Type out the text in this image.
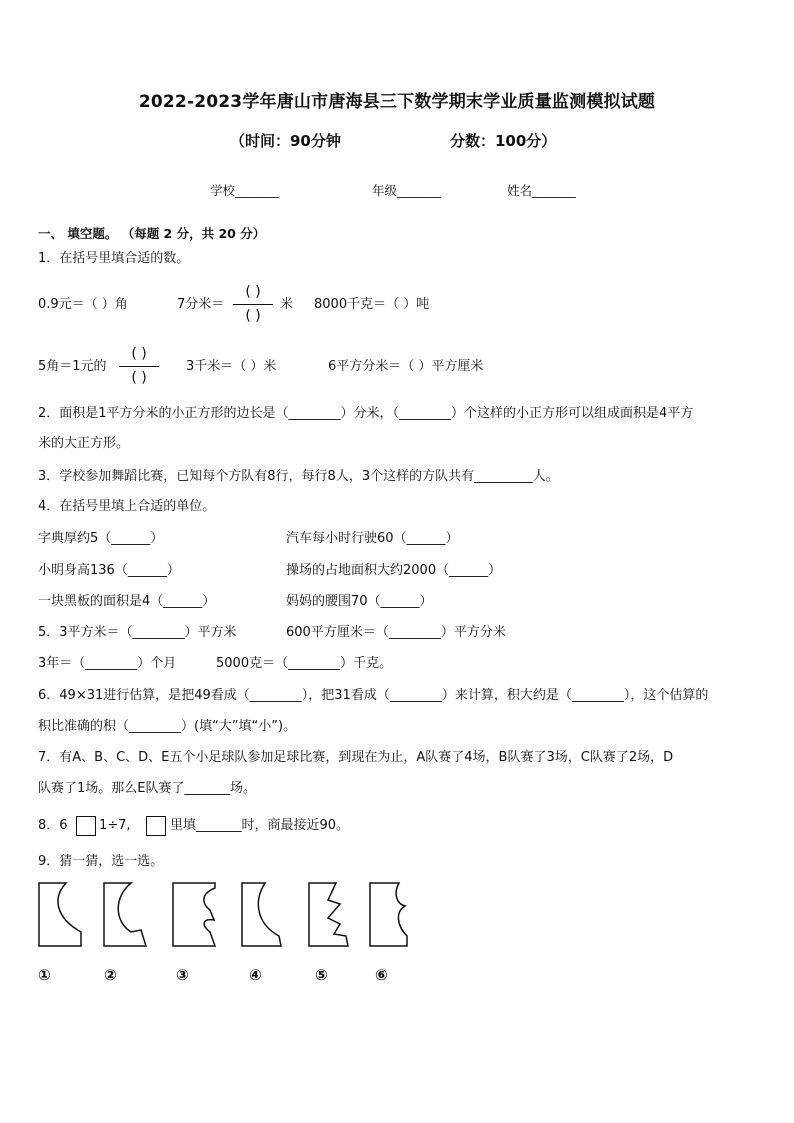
2022-2023学年唐山市唐海县三下数学期末学业质量监测模拟试题
（时间：90分钟	分数：100分）
学校_______	年级_______	姓名_______
一、 填空题。 （每题 2 分，共 20 分）
1．在括号里填合适的数。
0.9元＝（ ）角	7分米＝
( )
( )
米 8000千克＝（ ）吨
5角＝1元的
( )
( )
3千米＝（ ）米	6平方分米＝（ ）平方厘米
2．面积是1平方分米的小正方形的边长是（________）分米，（________）个这样的小正方形可以组成面积是4平方
米的大正方形。
3．学校参加舞蹈比赛，已知每个方队有8行，每行8人，3个这样的方队共有_________人。
4．在括号里填上合适的单位。
字典厚约5（______）	汽车每小时行驶60（______）
小明身高136（______）	操场的占地面积大约2000（______）
一块黑板的面积是4（______）	妈妈的腰围70（______）
5．3平方米＝（________）平方米	600平方厘米＝（________）平方分米
3年＝（________）个月	5000克＝（________）千克。
6．49×31进行估算，是把49看成（________），把31看成（________）来计算，积大约是（________），这个估算的
积比准确的积（________）(填“大”填“小”)。
7．有A、B、C、D、E五个小足球队参加足球比赛，到现在为止，A队赛了4场，B队赛了3场，C队赛了2场，D
队赛了1场。那么E队赛了_______场。
8．6 1÷7,	里填_______时，商最接近90。
9．猜一猜，选一选。
①	②	③	④	⑤	⑥
